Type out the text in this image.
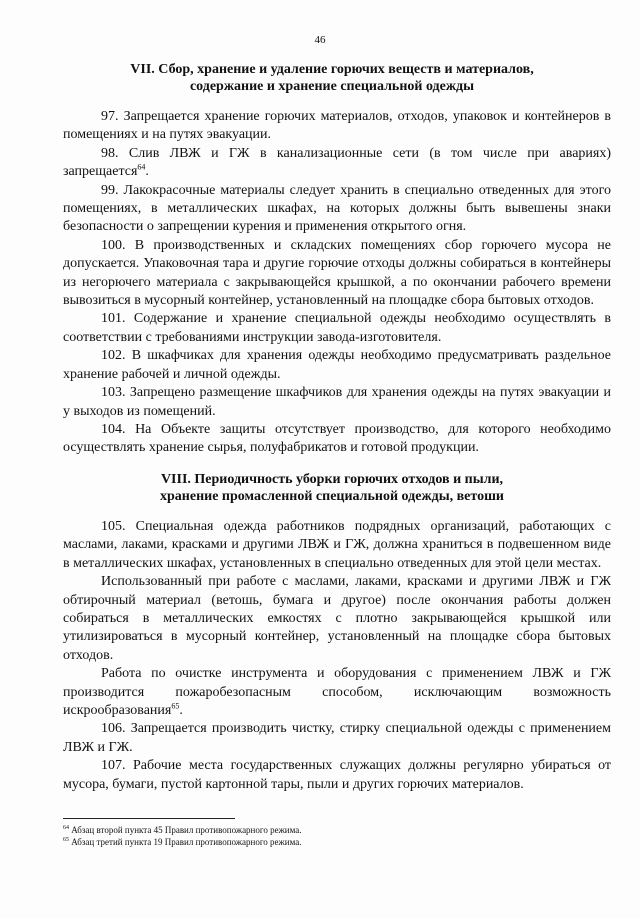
46
VII. Сбор, хранение и удаление горючих веществ и материалов,
содержание и хранение специальной одежды

97. Запрещается хранение горючих материалов, отходов, упаковок и контейнеров в помещениях и на путях эвакуации.

98. Слив ЛВЖ и ГЖ в канализационные сети (в том числе при авариях) запрещается$^{64}$.

99. Лакокрасочные материалы следует хранить в специально отведенных для этого помещениях, в металлических шкафах, на которых должны быть вывешены знаки безопасности о запрещении курения и применения открытого огня.

100. В производственных и складских помещениях сбор горючего мусора не допускается. Упаковочная тара и другие горючие отходы должны собираться в контейнеры из негорючего материала с закрывающейся крышкой, а по окончании рабочего времени вывозиться в мусорный контейнер, установленный на площадке сбора бытовых отходов.

101. Содержание и хранение специальной одежды необходимо осуществлять в соответствии с требованиями инструкции завода-изготовителя.

102. В шкафчиках для хранения одежды необходимо предусматривать раздельное хранение рабочей и личной одежды.

103. Запрещено размещение шкафчиков для хранения одежды на путях эвакуации и у выходов из помещений.

104. На Объекте защиты отсутствует производство, для которого необходимо осуществлять хранение сырья, полуфабрикатов и готовой продукции.

VIII. Периодичность уборки горючих отходов и пыли,
хранение промасленной специальной одежды, ветоши

105. Специальная одежда работников подрядных организаций, работающих с маслами, лаками, красками и другими ЛВЖ и ГЖ, должна храниться в подвешенном виде в металлических шкафах, установленных в специально отведенных для этой цели местах.

Использованный при работе с маслами, лаками, красками и другими ЛВЖ и ГЖ обтирочный материал (ветошь, бумага и другое) после окончания работы должен собираться в металлических емкостях с плотно закрывающейся крышкой или утилизироваться в мусорный контейнер, установленный на площадке сбора бытовых отходов.

Работа по очистке инструмента и оборудования с применением ЛВЖ и ГЖ производится пожаробезопасным способом, исключающим возможность искрообразования$^{65}$.

106. Запрещается производить чистку, стирку специальной одежды с применением ЛВЖ и ГЖ.

107. Рабочие места государственных служащих должны регулярно убираться от мусора, бумаги, пустой картонной тары, пыли и других горючих материалов.

$^{64}$ Абзац второй пункта 45 Правил противопожарного режима.
$^{65}$ Абзац третий пункта 19 Правил противопожарного режима.
